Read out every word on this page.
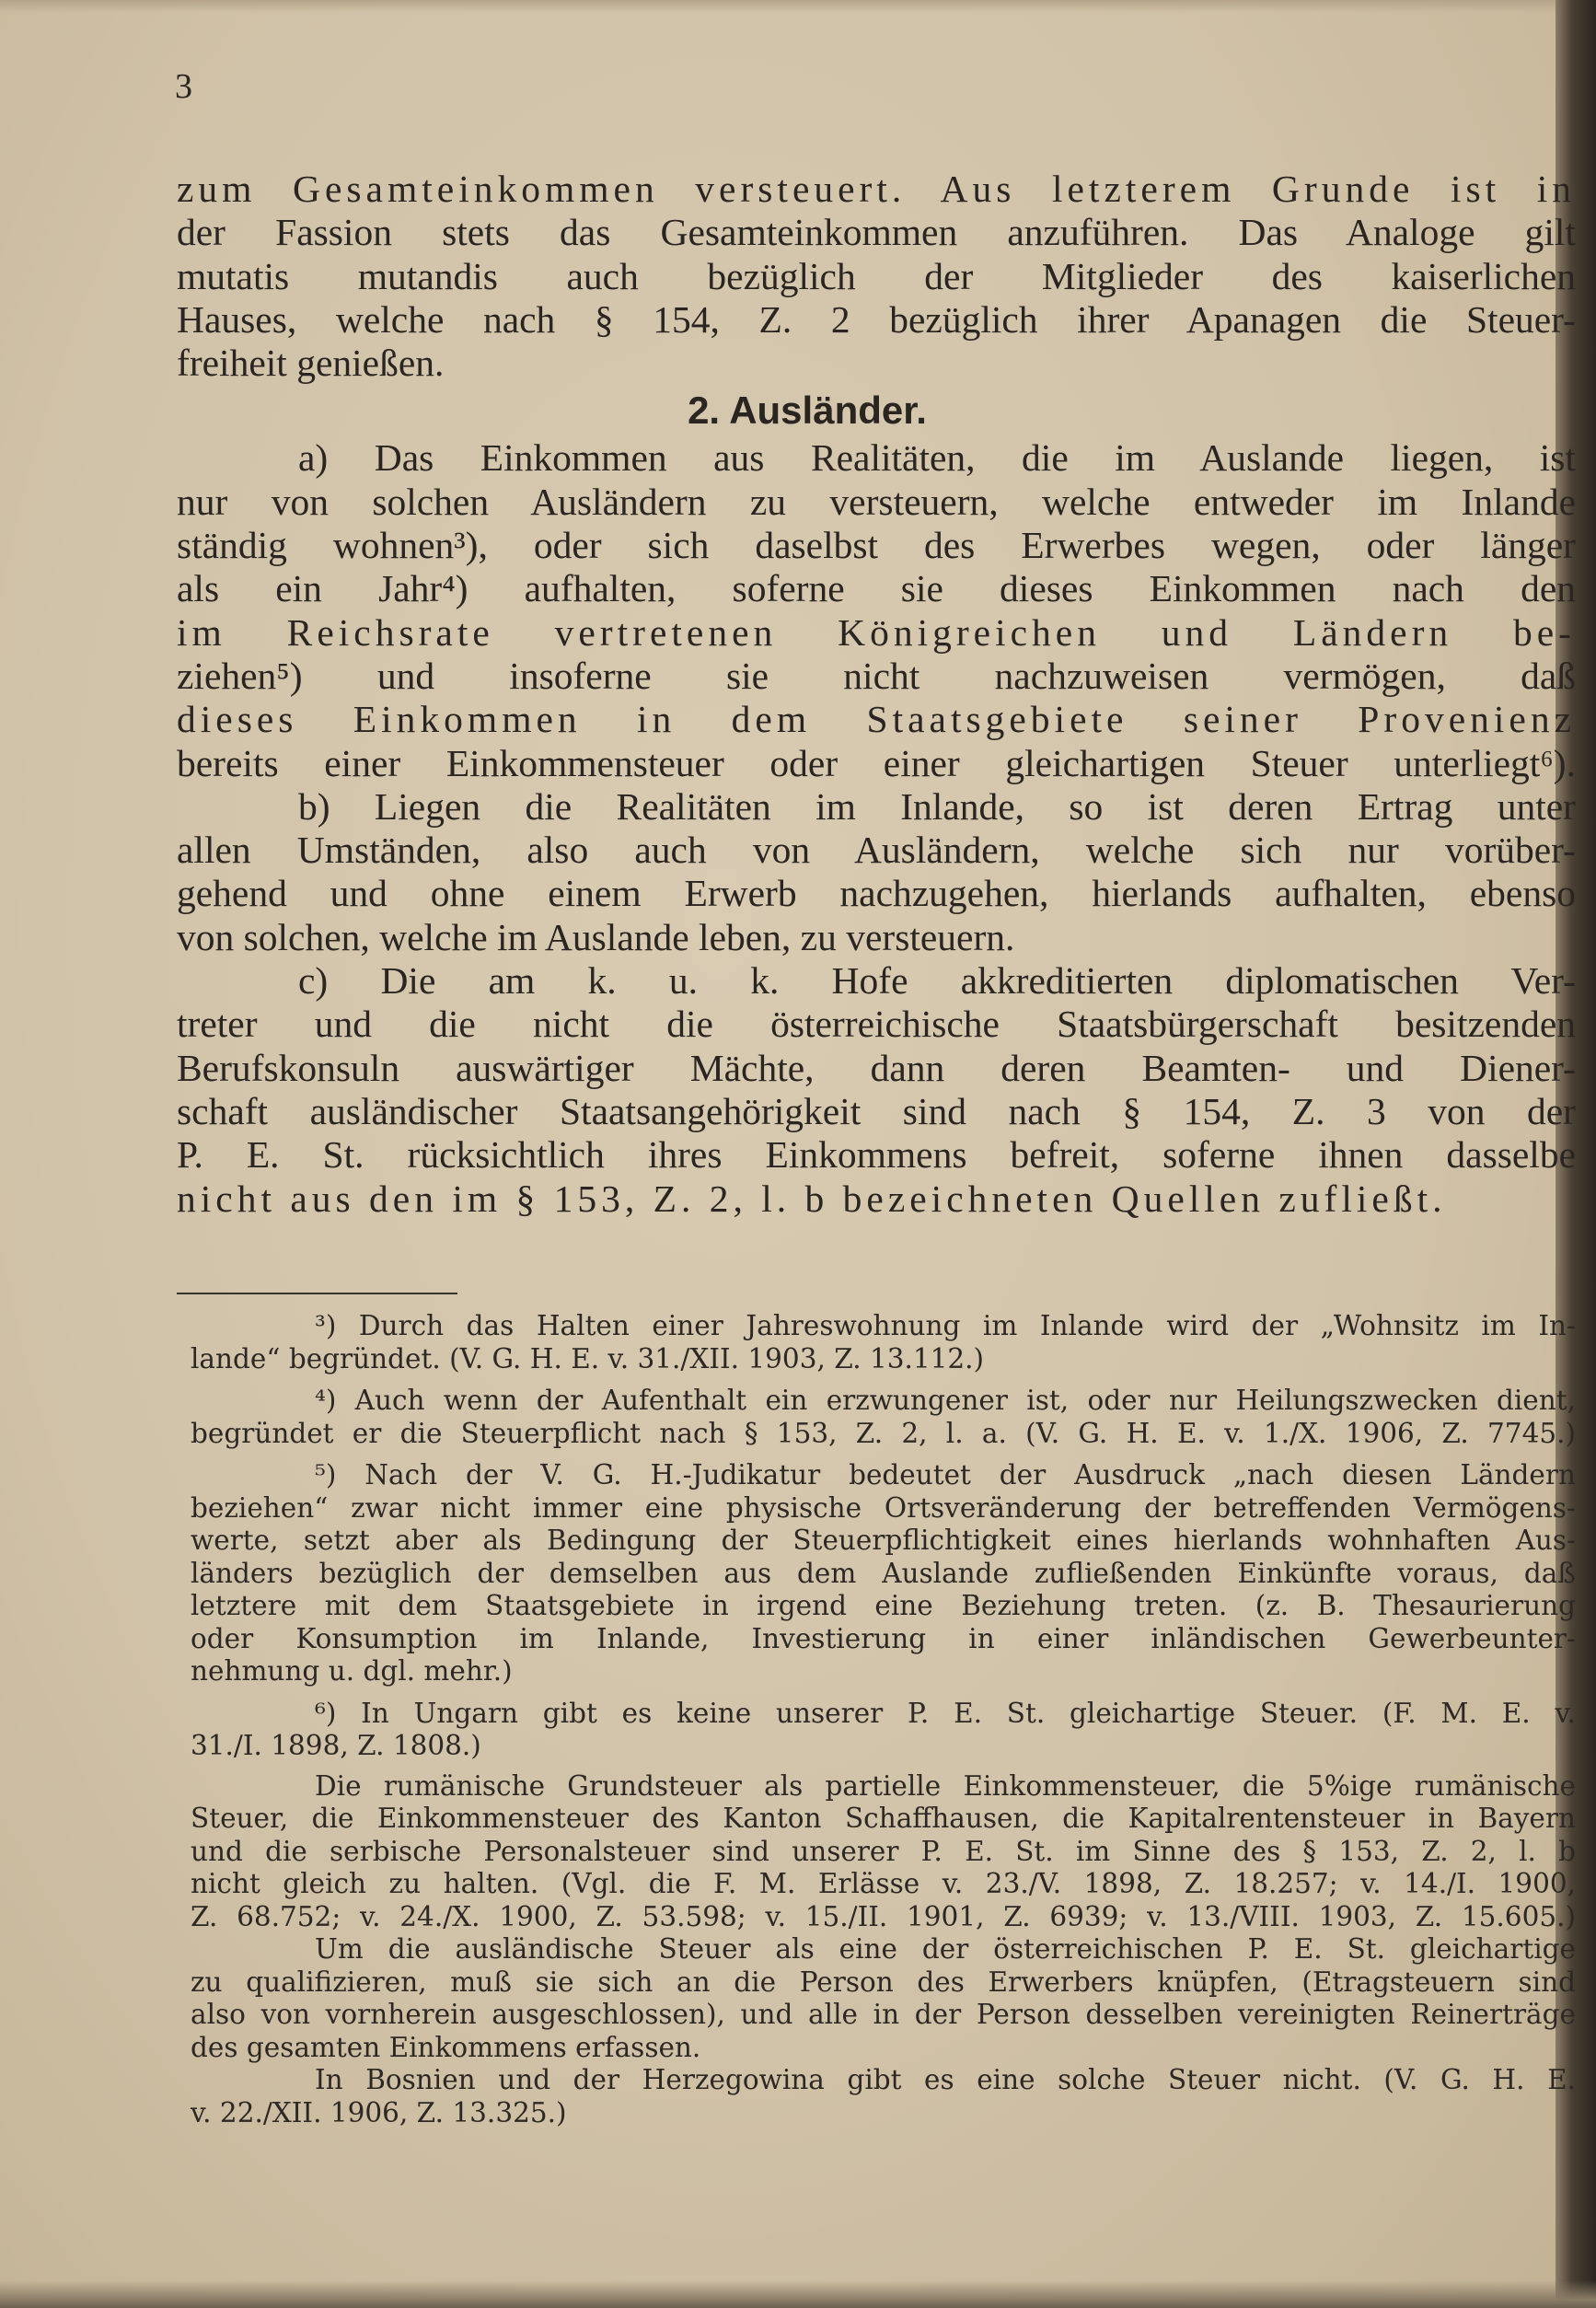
3
zum Gesamteinkommen versteuert. Aus letzterem Grunde ist in
der Fassion stets das Gesamteinkommen anzuführen. Das Analoge gilt
mutatis mutandis auch bezüglich der Mitglieder des kaiserlichen
Hauses, welche nach § 154, Z. 2 bezüglich ihrer Apanagen die Steuer-
freiheit genießen.
2. Ausländer.
a) Das Einkommen aus Realitäten, die im Auslande liegen, ist
nur von solchen Ausländern zu versteuern, welche entweder im Inlande
ständig wohnen³), oder sich daselbst des Erwerbes wegen, oder länger
als ein Jahr⁴) aufhalten, soferne sie dieses Einkommen nach den
im Reichsrate vertretenen Königreichen und Ländern be-
ziehen⁵) und insoferne sie nicht nachzuweisen vermögen, daß
dieses Einkommen in dem Staatsgebiete seiner Provenienz
bereits einer Einkommensteuer oder einer gleichartigen Steuer unterliegt⁶).
b) Liegen die Realitäten im Inlande, so ist deren Ertrag unter
allen Umständen, also auch von Ausländern, welche sich nur vorüber-
gehend und ohne einem Erwerb nachzugehen, hierlands aufhalten, ebenso
von solchen, welche im Auslande leben, zu versteuern.
c) Die am k. u. k. Hofe akkreditierten diplomatischen Ver-
treter und die nicht die österreichische Staatsbürgerschaft besitzenden
Berufskonsuln auswärtiger Mächte, dann deren Beamten- und Diener-
schaft ausländischer Staatsangehörigkeit sind nach § 154, Z. 3 von der
P. E. St. rücksichtlich ihres Einkommens befreit, soferne ihnen dasselbe
nicht aus den im § 153, Z. 2, l. b bezeichneten Quellen zufließt.
³) Durch das Halten einer Jahreswohnung im Inlande wird der „Wohnsitz im In-
lande“ begründet. (V. G. H. E. v. 31./XII. 1903, Z. 13.112.)
⁴) Auch wenn der Aufenthalt ein erzwungener ist, oder nur Heilungszwecken dient,
begründet er die Steuerpflicht nach § 153, Z. 2, l. a. (V. G. H. E. v. 1./X. 1906, Z. 7745.)
⁵) Nach der V. G. H.-Judikatur bedeutet der Ausdruck „nach diesen Ländern
beziehen“ zwar nicht immer eine physische Ortsveränderung der betreffenden Vermögens-
werte, setzt aber als Bedingung der Steuerpflichtigkeit eines hierlands wohnhaften Aus-
länders bezüglich der demselben aus dem Auslande zufließenden Einkünfte voraus, daß
letztere mit dem Staatsgebiete in irgend eine Beziehung treten. (z. B. Thesaurierung
oder Konsumption im Inlande, Investierung in einer inländischen Gewerbeunter-
nehmung u. dgl. mehr.)
⁶) In Ungarn gibt es keine unserer P. E. St. gleichartige Steuer. (F. M. E. v.
31./I. 1898, Z. 1808.)
Die rumänische Grundsteuer als partielle Einkommensteuer, die 5%ige rumänische
Steuer, die Einkommensteuer des Kanton Schaffhausen, die Kapitalrentensteuer in Bayern
und die serbische Personalsteuer sind unserer P. E. St. im Sinne des § 153, Z. 2, l. b
nicht gleich zu halten. (Vgl. die F. M. Erlässe v. 23./V. 1898, Z. 18.257; v. 14./I. 1900,
Z. 68.752; v. 24./X. 1900, Z. 53.598; v. 15./II. 1901, Z. 6939; v. 13./VIII. 1903, Z. 15.605.)
Um die ausländische Steuer als eine der österreichischen P. E. St. gleichartige
zu qualifizieren, muß sie sich an die Person des Erwerbers knüpfen, (Etragsteuern sind
also von vornherein ausgeschlossen), und alle in der Person desselben vereinigten Reinerträge
des gesamten Einkommens erfassen.
In Bosnien und der Herzegowina gibt es eine solche Steuer nicht. (V. G. H. E.
v. 22./XII. 1906, Z. 13.325.)
